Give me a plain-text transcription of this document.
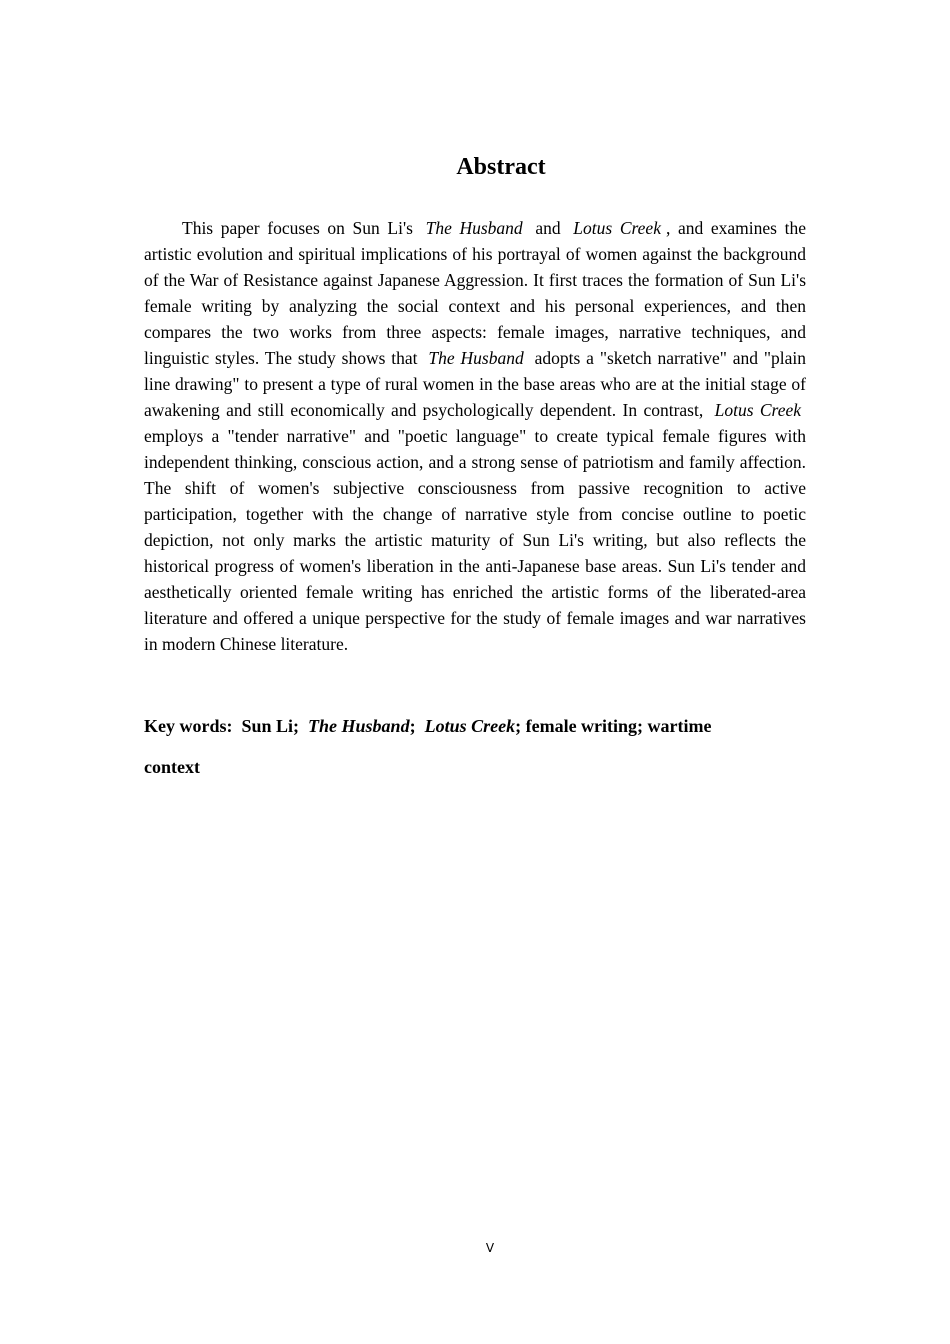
Abstract

This paper focuses on Sun Li's The Husband and Lotus Creek , and examines the artistic evolution and spiritual implications of his portrayal of women against the background of the War of Resistance against Japanese Aggression. It first traces the formation of Sun Li's female writing by analyzing the social context and his personal experiences, and then compares the two works from three aspects: female images, narrative techniques, and linguistic styles. The study shows that The Husband adopts a "sketch narrative" and "plain line drawing" to present a type of rural women in the base areas who are at the initial stage of awakening and still economically and psychologically dependent. In contrast, Lotus Creek employs a "tender narrative" and "poetic language" to create typical female figures with independent thinking, conscious action, and a strong sense of patriotism and family affection. The shift of women's subjective consciousness from passive recognition to active participation, together with the change of narrative style from concise outline to poetic depiction, not only marks the artistic maturity of Sun Li's writing, but also reflects the historical progress of women's liberation in the anti-Japanese base areas. Sun Li's tender and aesthetically oriented female writing has enriched the artistic forms of the liberated-area literature and offered a unique perspective for the study of female images and war narratives in modern Chinese literature.

Key words: Sun Li; The Husband; Lotus Creek; female writing; wartime context

V
